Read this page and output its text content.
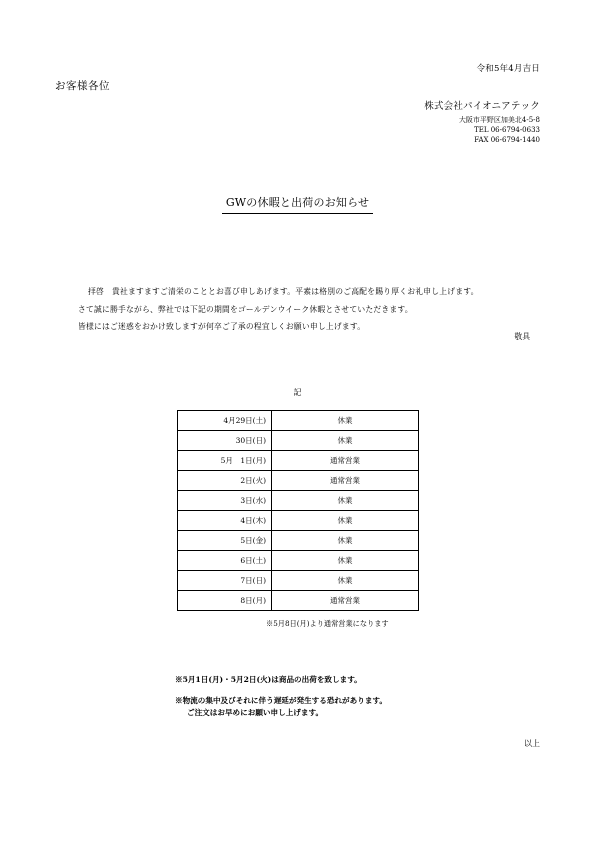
令和5年4月吉日
お客様各位
株式会社パイオニアテック
大阪市平野区加美北4-5-8
TEL 06-6794-0633
FAX 06-6794-1440
GWの休暇と出荷のお知らせ
拝啓　貴社ますますご清栄のこととお喜び申しあげます。平素は格別のご高配を賜り厚くお礼申し上げます。
さて誠に勝手ながら、弊社では下記の期間をゴールデンウイーク休暇とさせていただきます。
皆様にはご迷惑をおかけ致しますが何卒ご了承の程宜しくお願い申し上げます。
敬具
記
4月29日(土)	休業
30日(日)	休業
5月　1日(月)	通常営業
2日(火)	通常営業
3日(水)	休業
4日(木)	休業
5日(金)	休業
6日(土)	休業
7日(日)	休業
8日(月)	通常営業
※5月8日(月)より通常営業になります
※5月1日(月)・5月2日(火)は商品の出荷を致します。
※物流の集中及びそれに伴う遅延が発生する恐れがあります。
ご注文はお早めにお願い申し上げます。
以上
